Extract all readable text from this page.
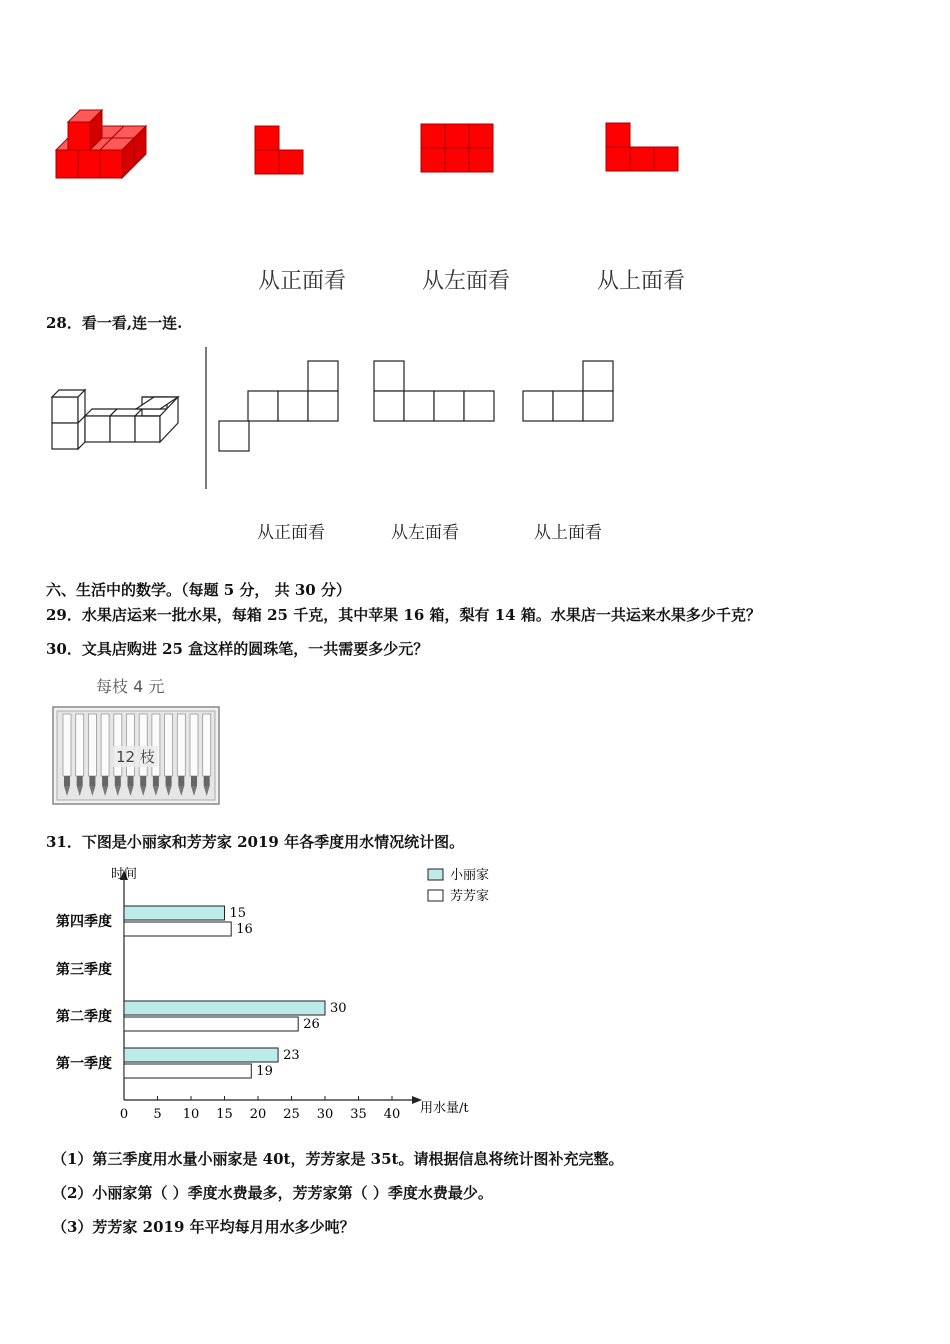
从正面看	从左面看	从上面看
28．看一看,连一连.
从正面看	从左面看	从上面看
六、生活中的数学。（每题 5 分， 共 30 分）
29．水果店运来一批水果，每箱 25 千克，其中苹果 16 箱，梨有 14 箱。水果店一共运来水果多少千克？
30．文具店购进 25 盒这样的圆珠笔，一共需要多少元？
每枝 4 元
12 枝
31．下图是小丽家和芳芳家 2019 年各季度用水情况统计图。
时间
用水量/t
小丽家
芳芳家
0 5 10 15 20 25 30 35 40
第四季度
15
16
第三季度
第二季度
30
26
第一季度
23
19
（1）第三季度用水量小丽家是 40t，芳芳家是 35t。请根据信息将统计图补充完整。
（2）小丽家第（ ）季度水费最多，芳芳家第（ ）季度水费最少。
（3）芳芳家 2019 年平均每月用水多少吨？
